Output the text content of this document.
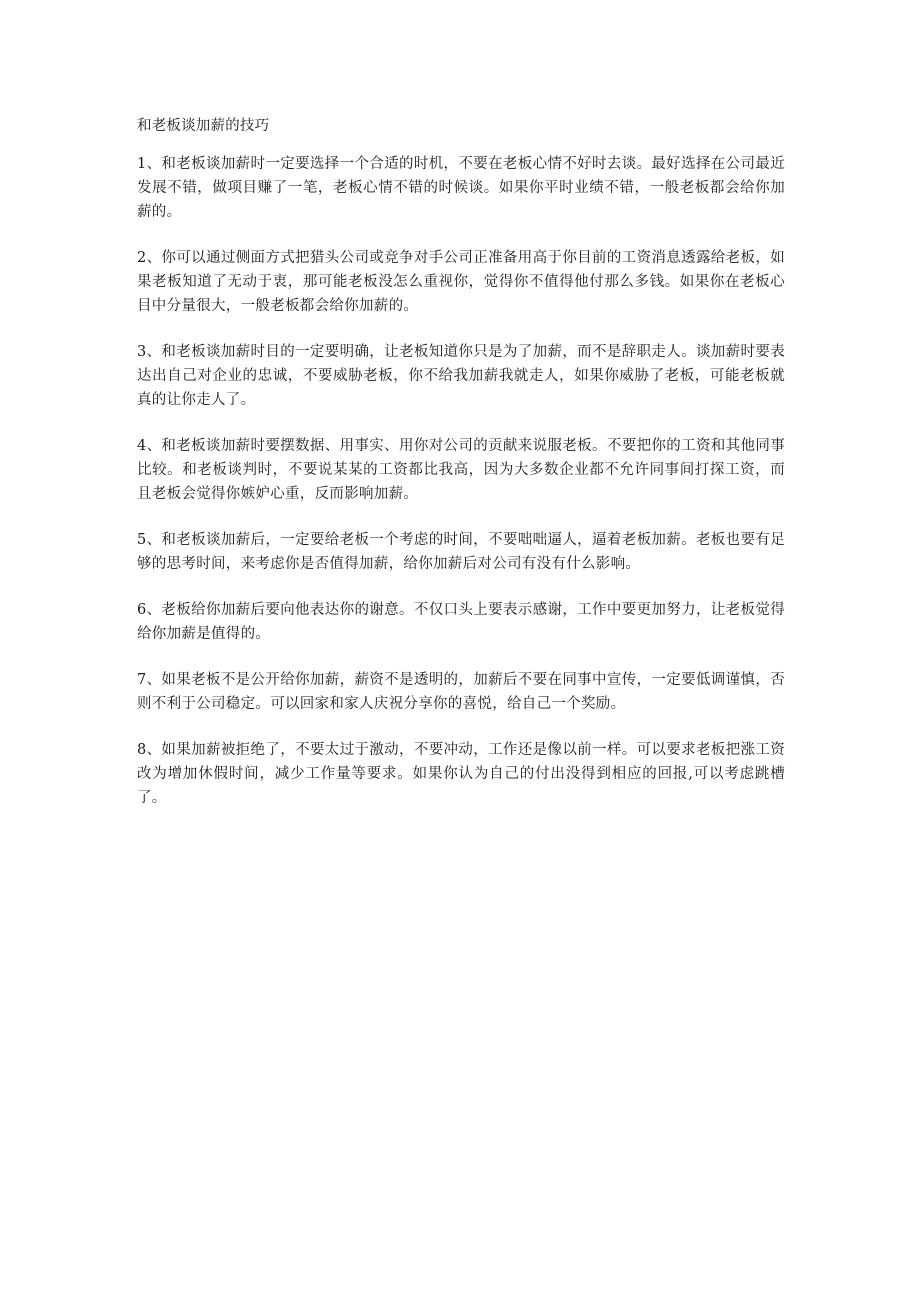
和老板谈加薪的技巧

1、和老板谈加薪时一定要选择一个合适的时机，不要在老板心情不好时去谈。最好选择在公司最近发展不错，做项目赚了一笔，老板心情不错的时候谈。如果你平时业绩不错，一般老板都会给你加薪的。

2、你可以通过侧面方式把猎头公司或竞争对手公司正准备用高于你目前的工资消息透露给老板，如果老板知道了无动于衷，那可能老板没怎么重视你，觉得你不值得他付那么多钱。如果你在老板心目中分量很大，一般老板都会给你加薪的。

3、和老板谈加薪时目的一定要明确，让老板知道你只是为了加薪，而不是辞职走人。谈加薪时要表达出自己对企业的忠诚，不要威胁老板，你不给我加薪我就走人，如果你威胁了老板，可能老板就真的让你走人了。

4、和老板谈加薪时要摆数据、用事实、用你对公司的贡献来说服老板。不要把你的工资和其他同事比较。和老板谈判时，不要说某某的工资都比我高，因为大多数企业都不允许同事间打探工资，而且老板会觉得你嫉妒心重，反而影响加薪。

5、和老板谈加薪后，一定要给老板一个考虑的时间，不要咄咄逼人，逼着老板加薪。老板也要有足够的思考时间，来考虑你是否值得加薪，给你加薪后对公司有没有什么影响。

6、老板给你加薪后要向他表达你的谢意。不仅口头上要表示感谢，工作中要更加努力，让老板觉得给你加薪是值得的。

7、如果老板不是公开给你加薪，薪资不是透明的，加薪后不要在同事中宣传，一定要低调谨慎，否则不利于公司稳定。可以回家和家人庆祝分享你的喜悦，给自己一个奖励。

8、如果加薪被拒绝了，不要太过于激动，不要冲动，工作还是像以前一样。可以要求老板把涨工资改为增加休假时间，减少工作量等要求。如果你认为自己的付出没得到相应的回报,可以考虑跳槽了。
